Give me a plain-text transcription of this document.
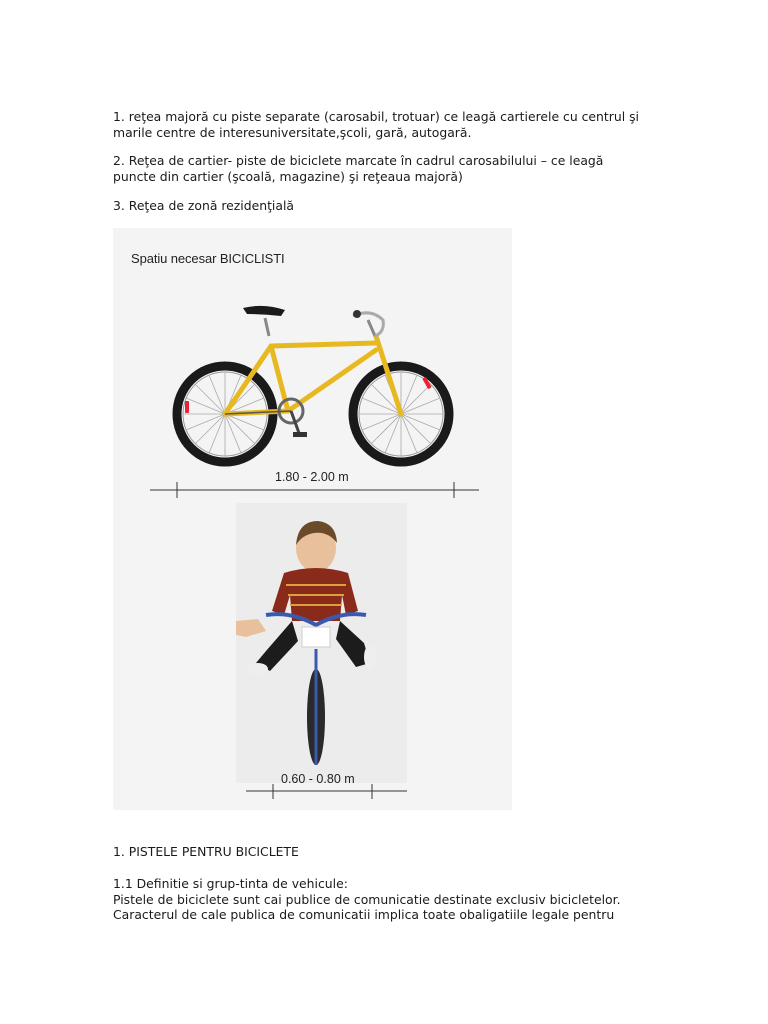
1. reţea majoră cu piste separate (carosabil, trotuar) ce leagă cartierele cu centrul şi
marile centre de interesuniversitate,şcoli, gară, autogară.

2. Reţea de cartier- piste de biciclete marcate în cadrul carosabilului – ce leagă
puncte din cartier (şcoală, magazine) şi reţeaua majoră)

3. Reţea de zonă rezidenţială

Spatiu necesar BICICLISTI
1.80 - 2.00 m
0.60 - 0.80 m

1. PISTELE PENTRU BICICLETE

1.1 Definitie si grup-tinta de vehicule:
Pistele de biciclete sunt cai publice de comunicatie destinate exclusiv bicicletelor.
Caracterul de cale publica de comunicatii implica toate obaligatiile legale pentru
